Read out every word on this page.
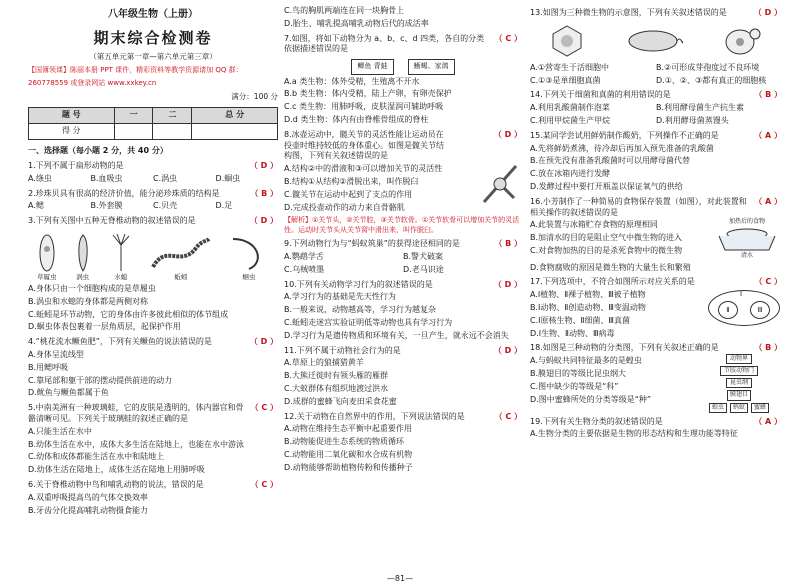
八年级生物（上册）
期末综合检测卷
（第五单元第一章—第六单元第三章）
【国簿领课】陈丽本册 PPT 课件，精彩资料等教学资源请加 QQ 群：
260778559 或登录网站 www.xxkey.cn
满分：100 分
题 号	一	二	总 分
得 分			
一、选择题（每小题 2 分，共 40 分）
1.下列不属于扁形动物的是	（ D ）
A.绦虫	B.血吸虫	C.涡虫	D.蛔虫
2.珍珠贝具有很高的经济价值，能分泌珍珠质的结构是	（ B ）
A.鳃	B.外套膜	C.贝壳	D.足
3.下列有关图中五种无脊椎动物的叙述错误的是	（ D ）
草履虫	涡虫	水螅	蚯蚓	蛔虫
A.身体只由一个细胞构成的是草履虫
B.涡虫和水螅的身体都是两侧对称
C.蚯蚓是环节动物，它的身体由许多彼此相似的体节组成
D.蛔虫体表包裹着一层角质层，起保护作用
4.“桃花流水鳜鱼肥”，下列有关鳜鱼的说法错误的是	（ D ）
A.身体呈流线型
B.用鳃呼吸
C.靠尾部和躯干部的摆动提供前进的动力
D.鱿鱼与鳜鱼都属于鱼
5.中南美洲有一种玻璃蛙，它的皮肤是透明的，体内器官和骨骼清晰可见。下列关于玻璃蛙的叙述正确的是
（ C ）
A.只能生活在水中
B.幼体生活在水中，成体大多生活在陆地上，也能在水中游泳
C.幼体和成体都能生活在水中和陆地上
D.幼体生活在陆地上，成体生活在陆地上用肺呼吸
6.关于脊椎动物中鸟和哺乳动物的说法，错误的是	（ C ）
A.双重呼吸提高鸟的气体交换效率
B.牙齿分化提高哺乳动物摄食能力
C.鸟的胸肌两端连在同一块胸骨上
D.胎生、哺乳提高哺乳动物后代的成活率
7.如图，将如下动物分为 a、b、c、d 四类，各自的分类依据描述错误的是
（ C ）
鲫鱼 青蛙	蜥蜴、家鸽
A.a 类生物：体外受精，生殖离不开水
B.b 类生物：体内受精，陆上产卵，有卵壳保护
C.c 类生物：用肺呼吸，皮肤湿润可辅助呼吸
D.d 类生物：体内有由脊椎骨组成的脊柱
8.冰壶运动中，髋关节的灵活性能让运动员在投壶时维持较低的身体重心。如图是髋关节结构图，下列有关叙述错误的是
（ D ）
A.结构②中的滑液和③可以增加关节的灵活性
B.结构①从结构②滑脱出来，叫作脱臼
C.髋关节在运动中起到了支点的作用
D.完成投壶动作的动力来自骨骼肌
【解析】①关节头，②关节腔，③关节软骨。①关节软骨可以增加关节的灵活性。运动时关节头从关节窝中滑出来，叫作脱臼。
9.下列动物行为与“蚂蚁筑巢”的获得途径相同的是	（ B ）
A.鹦鹉学舌	B.警犬破案
C.乌贼喷墨	D.老马识途
10.下列有关动物学习行为的叙述错误的是	（ D ）
A.学习行为的基础是先天性行为
B.一般来说，动物越高等，学习行为越复杂
C.蚯蚓走迷宫实验证明低等动物也具有学习行为
D.学习行为是遗传物质和环境有关，一旦产生，就永远不会消失
11.下列不属于动物社会行为的是	（ D ）
A.草原上的狼捕猎黄羊
B.大熊迁徙时有领头雁的雁群
C.大蚁群体有组织地渡过洪水
D.成群的蜜蜂飞向麦田采食花蜜
12.关于动物在自然界中的作用，下列说法错误的是	（ C ）
A.动物在维持生态平衡中起重要作用
B.动物能促进生态系统的物质循环
C.动物能用二氧化碳和水合成有机物
D.动物能够帮助植物传粉和传播种子
13.如图为三种微生物的示意图，下列有关叙述错误的是	（ D ）
A.①营寄生于活细胞中	B.②可形成芽孢度过不良环境
C.①③是单细胞真菌	D.①、②、③都有真正的细胞核
14.下列关于细菌和真菌的利用错误的是	（ B ）
A.利用乳酸菌制作泡菜	B.利用酵母菌生产抗生素
C.利用甲烷菌生产甲烷	D.利用酵母菌蒸馒头
15.某同学尝试用鲜奶制作酸奶，下列操作不正确的是	（ A ）
A.先将鲜奶煮沸，待冷却后再加入预先准备的乳酸菌
B.在预先没有准备乳酸菌时可以用酵母菌代替
C.放在冰箱内进行发酵
D.发酵过程中要打开瓶盖以保证氧气的供给
16.小芳制作了一种简易的食物保存装置（如图），对此装置和相关操作的叙述错误的是
（ A ）
A.此装置与冰箱贮存食物的原理相同
B.加清水的目的是阻止空气中微生物的进入
C.对食物加热的目的是杀死食物中的微生物
加热后的食物
清水
D.食物腐败的原因是微生物的大量生长和繁殖
17.下列选项中，不符合如图所示对应关系的是	（ C ）
A.Ⅰ植物、Ⅱ裸子植物、Ⅲ被子植物
B.Ⅰ动物、Ⅱ创造动物、Ⅲ变温动物
C.Ⅰ原核生物、Ⅱ细菌、Ⅲ真菌
D.Ⅰ生物、Ⅱ动物、Ⅲ病毒
Ⅰ
Ⅱ	Ⅲ
18.如图是三种动物的分类图，下列有关叙述正确的是	（ B ）
A.与蚂蚁共同特征最多的是蝗虫
B.膜翅目的等级比昆虫纲大
C.图中缺少的等级是“科”
D.图中蜜蜂所处的分类等级是“种”
动物界
节肢动物门
昆虫纲
膜翅目
蝗虫	蚂蚁	蜜蜂
19.下列有关生物分类的叙述错误的是	（ A ）
A.生物分类的主要依据是生物的形态结构和生理功能等特征
—81—
